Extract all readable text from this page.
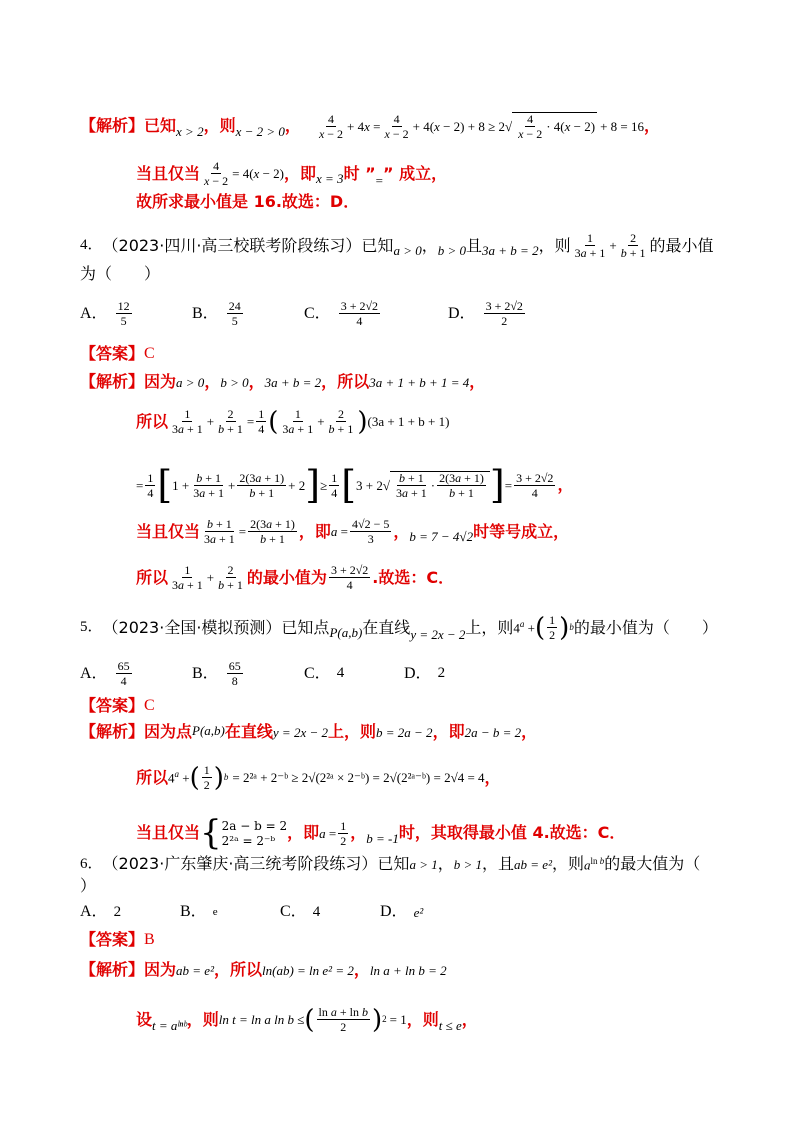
【解析】 已知 x > 2 ，则 x − 2 > 0 ， $\frac{4}{x - 2} + 4x = \frac{4}{x - 2} + 4(x - 2) + 8 \ge 2√ \frac{4}{x - 2} \cdot 4(x - 2) + 8 = 16$ ，
当且仅当 $\frac{4}{x - 2} = 4(x - 2)$ ，即 x = 3 时 ” = ” 成立，
故所求最小值是 16.故选：D．
4． （2023·四川·高三校联考阶段练习） 已知 a > 0 ， b > 0 且 3a + b = 2 ，则 $\frac{1}{3a + 1} + \frac{2}{b + 1}$ 的最小值
为（　　）
A． $\frac{12}{5}$	B． $\frac{24}{5}$	C． $\frac{3 + 2√2}{4}$	D． $\frac{3 + 2√2}{2}$
【答案】 C
【解析】 因为 a > 0 ， b > 0 ， 3a + b = 2 ，所以 3a + 1 + b + 1 = 4 ，
所以 $\frac{1}{3a + 1} + \frac{2}{b + 1} = \frac{1}{4}$ ( $\frac{1}{3a + 1} + \frac{2}{b + 1}$ ) (3a + 1 + b + 1)
= $\frac{1}{4}$ [ $1 + \frac{b + 1}{3a + 1} + \frac{2(3a + 1)}{b + 1} + 2$ ] ≥ $\frac{1}{4}$ [ $3 + 2√ \frac{b + 1}{3a + 1} \cdot \frac{2(3a + 1)}{b + 1}$ ] = $\frac{3 + 2√2}{4}$ ，
当且仅当 $\frac{b + 1}{3a + 1} = \frac{2(3a + 1)}{b + 1}$ ，即 $a = \frac{4√2 - 5}{3}$ ， b = 7 − 4√2 时等号成立，
所以 $\frac{1}{3a + 1} + \frac{2}{b + 1}$ 的最小值为 $\frac{3 + 2√2}{4}$ .故选：C．
5． （2023·全国·模拟预测） 已知点 P(a,b) 在直线 y = 2x − 2 上，则 $4^a$ + ( $\frac{1}{2}$ ) b 的最小值为（　　）
A． $\frac{65}{4}$	B． $\frac{65}{8}$	C． 4	D． 2
【答案】 C
【解析】 因为点 P(a,b) 在直线 y = 2x − 2 上，则 b = 2a − 2 ，即 2a − b = 2 ，
所以 $4^a$ + ( $\frac{1}{2}$ ) b = 2²ᵃ + 2⁻ᵇ ≥ 2√(2²ᵃ × 2⁻ᵇ) = 2√(2²ᵃ⁻ᵇ) = 2√4 = 4 ，
当且仅当 { 2a − b = 2
2²ᵃ = 2⁻ᵇ ，即 $a = \frac{1}{2}$ ， b = -1 时，其取得最小值 4.故选：C．
6． （2023·广东肇庆·高三统考阶段练习） 已知 a > 1 ， b > 1 ，且 ab = e² ，则 $a^{ln b}$ 的最大值为（
）
A． 2	B． e	C． 4	D． e²
【答案】 B
【解析】 因为 ab = e² ，所以 ln(ab) = ln e² = 2 ， ln a + ln b = 2
设 t = aˡⁿᵇ ，则 ln t = ln a ln b ≤ ( $\frac{\text{ln a + ln b}}{2}$ ) 2 = 1 ，则 t ≤ e ，
